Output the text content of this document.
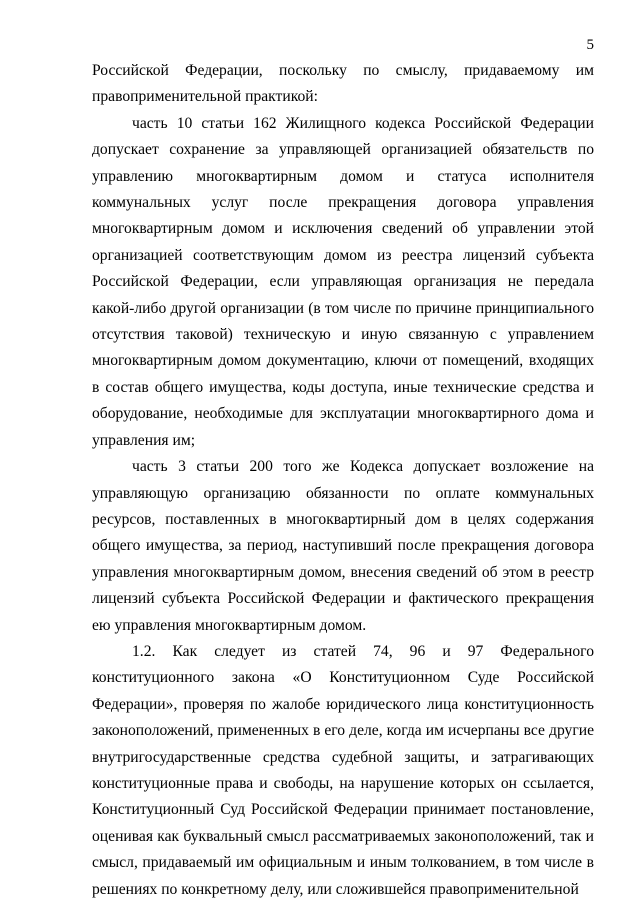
5

Российской Федерации, поскольку по смыслу, придаваемому им правоприменительной практикой:

часть 10 статьи 162 Жилищного кодекса Российской Федерации допускает сохранение за управляющей организацией обязательств по управлению многоквартирным домом и статуса исполнителя коммунальных услуг после прекращения договора управления многоквартирным домом и исключения сведений об управлении этой организацией соответствующим домом из реестра лицензий субъекта Российской Федерации, если управляющая организация не передала какой-либо другой организации (в том числе по причине принципиального отсутствия таковой) техническую и иную связанную с управлением многоквартирным домом документацию, ключи от помещений, входящих в состав общего имущества, коды доступа, иные технические средства и оборудование, необходимые для эксплуатации многоквартирного дома и управления им;

часть 3 статьи 200 того же Кодекса допускает возложение на управляющую организацию обязанности по оплате коммунальных ресурсов, поставленных в многоквартирный дом в целях содержания общего имущества, за период, наступивший после прекращения договора управления многоквартирным домом, внесения сведений об этом в реестр лицензий субъекта Российской Федерации и фактического прекращения ею управления многоквартирным домом.

1.2. Как следует из статей 74, 96 и 97 Федерального конституционного закона «О Конституционном Суде Российской Федерации», проверяя по жалобе юридического лица конституционность законоположений, примененных в его деле, когда им исчерпаны все другие внутригосударственные средства судебной защиты, и затрагивающих конституционные права и свободы, на нарушение которых он ссылается, Конституционный Суд Российской Федерации принимает постановление, оценивая как буквальный смысл рассматриваемых законоположений, так и смысл, придаваемый им официальным и иным толкованием, в том числе в решениях по конкретному делу, или сложившейся правоприменительной
